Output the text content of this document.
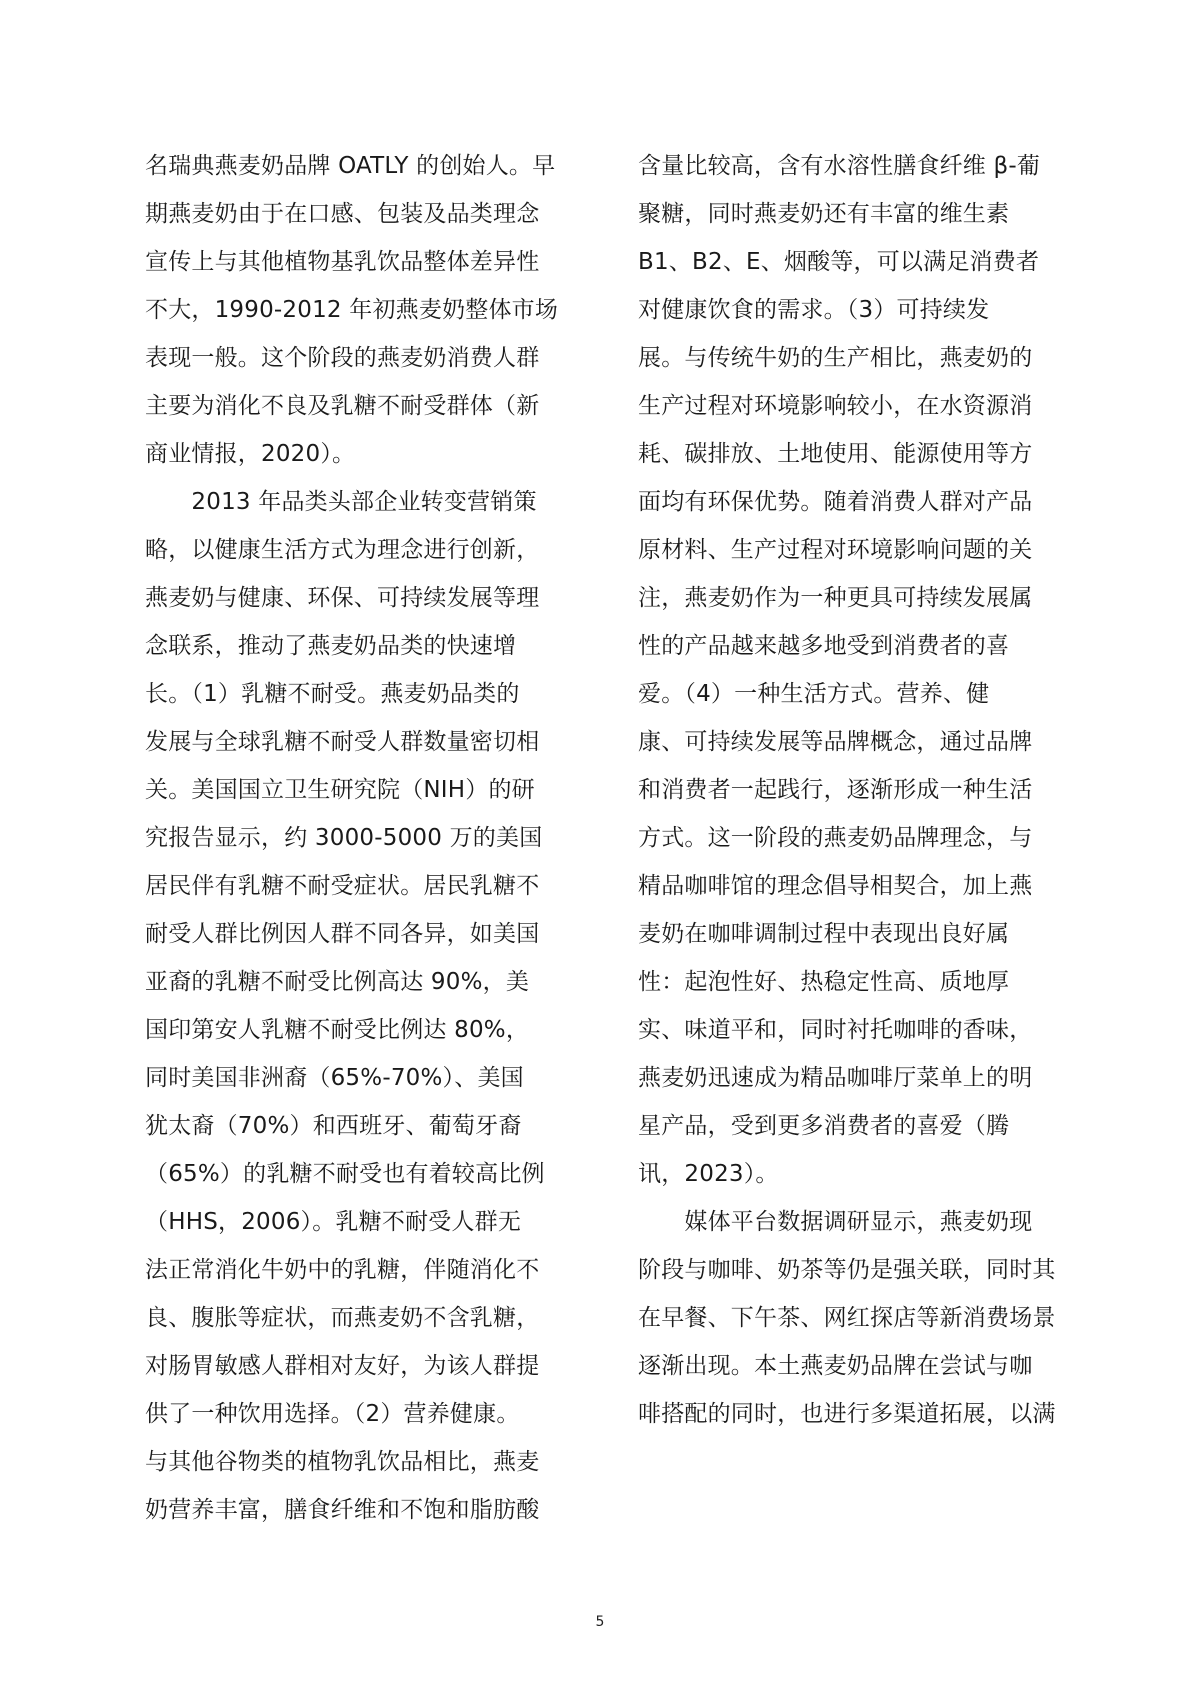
名瑞典燕麦奶品牌 OATLY 的创始人。早
期燕麦奶由于在口感、包装及品类理念
宣传上与其他植物基乳饮品整体差异性
不大，1990-2012 年初燕麦奶整体市场
表现一般。这个阶段的燕麦奶消费人群
主要为消化不良及乳糖不耐受群体（新
商业情报，2020）。
　　2013 年品类头部企业转变营销策
略，以健康生活方式为理念进行创新，
燕麦奶与健康、环保、可持续发展等理
念联系，推动了燕麦奶品类的快速增
长。（1）乳糖不耐受。燕麦奶品类的
发展与全球乳糖不耐受人群数量密切相
关。美国国立卫生研究院（NIH）的研
究报告显示，约 3000-5000 万的美国
居民伴有乳糖不耐受症状。居民乳糖不
耐受人群比例因人群不同各异，如美国
亚裔的乳糖不耐受比例高达 90%，美
国印第安人乳糖不耐受比例达 80%，
同时美国非洲裔（65%-70%）、美国
犹太裔（70%）和西班牙、葡萄牙裔
（65%）的乳糖不耐受也有着较高比例
（HHS，2006）。乳糖不耐受人群无
法正常消化牛奶中的乳糖，伴随消化不
良、腹胀等症状，而燕麦奶不含乳糖，
对肠胃敏感人群相对友好，为该人群提
供了一种饮用选择。（2）营养健康。
与其他谷物类的植物乳饮品相比，燕麦
奶营养丰富，膳食纤维和不饱和脂肪酸
含量比较高，含有水溶性膳食纤维 β-葡
聚糖，同时燕麦奶还有丰富的维生素
B1、B2、E、烟酸等，可以满足消费者
对健康饮食的需求。（3）可持续发
展。与传统牛奶的生产相比，燕麦奶的
生产过程对环境影响较小，在水资源消
耗、碳排放、土地使用、能源使用等方
面均有环保优势。随着消费人群对产品
原材料、生产过程对环境影响问题的关
注，燕麦奶作为一种更具可持续发展属
性的产品越来越多地受到消费者的喜
爱。（4）一种生活方式。营养、健
康、可持续发展等品牌概念，通过品牌
和消费者一起践行，逐渐形成一种生活
方式。这一阶段的燕麦奶品牌理念，与
精品咖啡馆的理念倡导相契合，加上燕
麦奶在咖啡调制过程中表现出良好属
性：起泡性好、热稳定性高、质地厚
实、味道平和，同时衬托咖啡的香味，
燕麦奶迅速成为精品咖啡厅菜单上的明
星产品，受到更多消费者的喜爱（腾
讯，2023）。
　　媒体平台数据调研显示，燕麦奶现
阶段与咖啡、奶茶等仍是强关联，同时其
在早餐、下午茶、网红探店等新消费场景
逐渐出现。本土燕麦奶品牌在尝试与咖
啡搭配的同时，也进行多渠道拓展，以满
5
